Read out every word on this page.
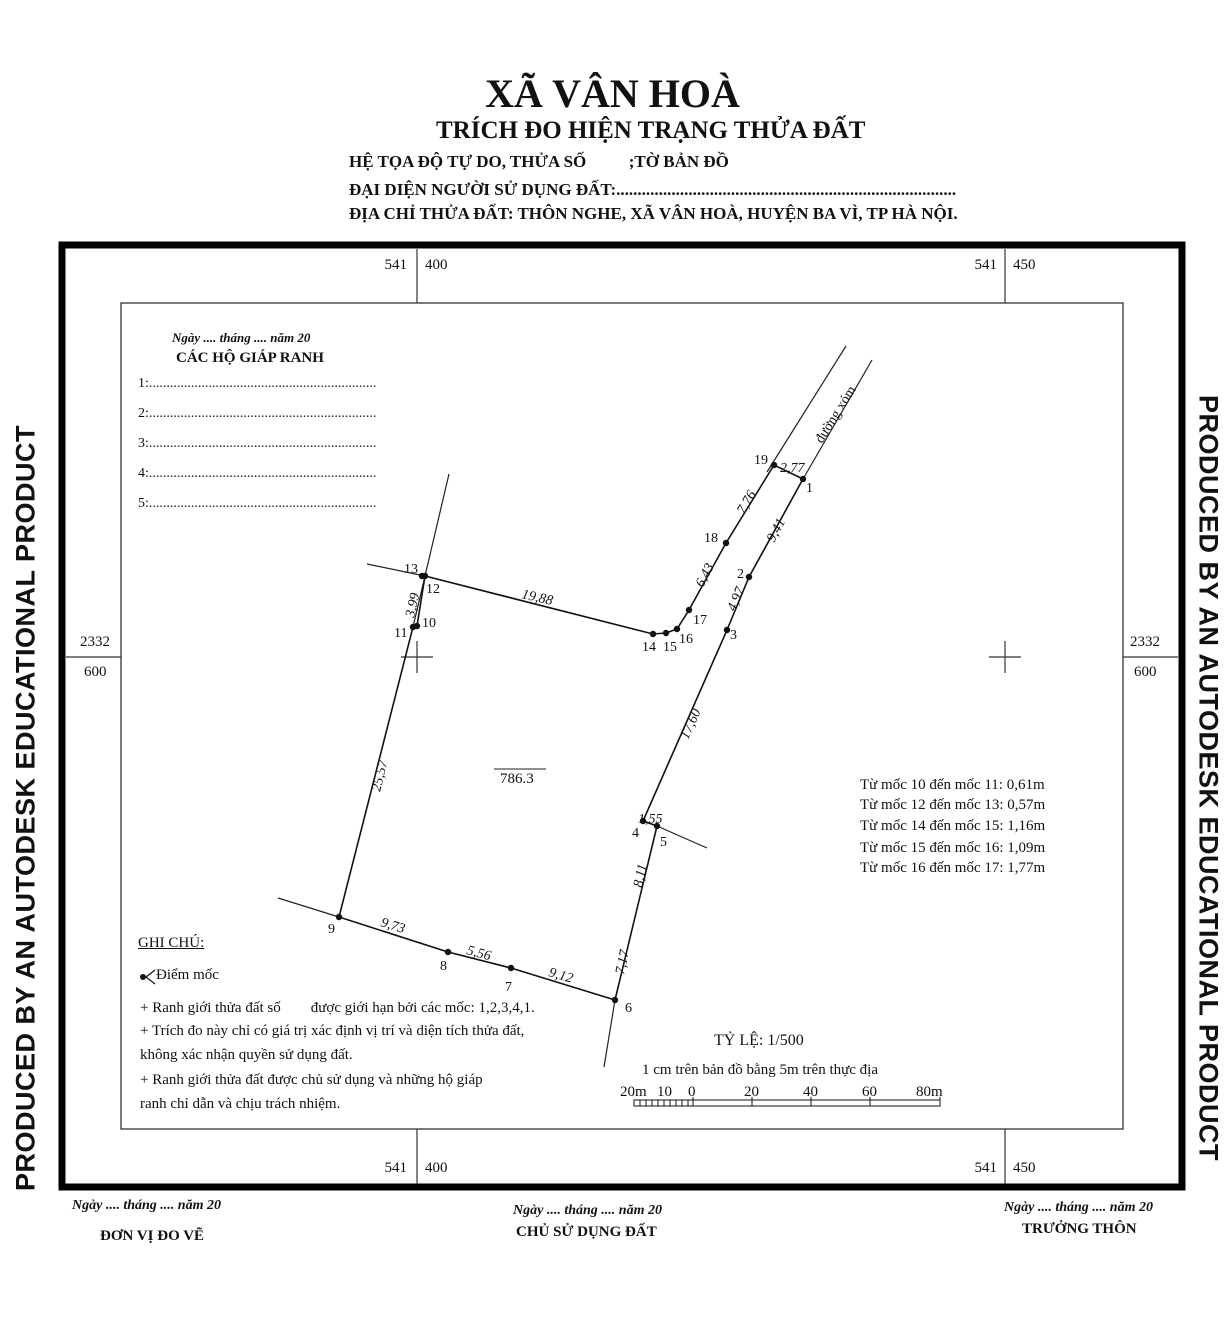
XÃ VÂN HOÀ
TRÍCH ĐO HIỆN TRẠNG THỬA ĐẤT
HỆ TỌA ĐỘ TỰ DO, THỬA SỐ          ;TỜ BẢN ĐỒ
ĐẠI DIỆN NGƯỜI SỬ DỤNG ĐẤT:................................................................................
ĐỊA CHỈ THỬA ĐẤT: THÔN NGHE, XÃ VÂN HOÀ, HUYỆN BA VÌ, TP HÀ NỘI.
PRODUCED BY AN AUTODESK EDUCATIONAL PRODUCT	PRODUCED BY AN AUTODESK EDUCATIONAL PRODUCT
541 400	541 450
541 400	541 450
2332
600
2332
600
đường xóm
1
2
3
4
5
6
7
8
9
10
11
12
13
14 15
16
17
18
19
2,77
7,76
9,41
6,43
4,97
19,88
3,99
17,60
1,55
25,57
8,11
9,73
5,56
9,12
7,17
786.3
20m 10 0	20	40	60	80m
Ngày .... tháng .... năm 20
CÁC HỘ GIÁP RANH
1:.................................................................
2:.................................................................
3:.................................................................
4:.................................................................
5:.................................................................
Từ mốc 10 đến mốc 11: 0,61m
Từ mốc 12 đến mốc 13: 0,57m
Từ mốc 14 đến mốc 15: 1,16m
Từ mốc 15 đến mốc 16: 1,09m
Từ mốc 16 đến mốc 17: 1,77m
GHI CHÚ:
Điểm mốc
+ Ranh giới thửa đất số        được giới hạn bởi các mốc: 1,2,3,4,1.
+ Trích đo này chỉ có giá trị xác định vị trí và diện tích thửa đất,
không xác nhận quyền sử dụng đất.
+ Ranh giới thửa đất được chủ sử dụng và những hộ giáp
ranh chỉ dẫn và chịu trách nhiệm.
TỶ LỆ: 1/500
1 cm trên bản đồ bằng 5m trên thực địa
Ngày .... tháng .... năm 20
ĐƠN VỊ ĐO VẼ
Ngày .... tháng .... năm 20
CHỦ SỬ DỤNG ĐẤT
Ngày .... tháng .... năm 20
TRƯỞNG THÔN
